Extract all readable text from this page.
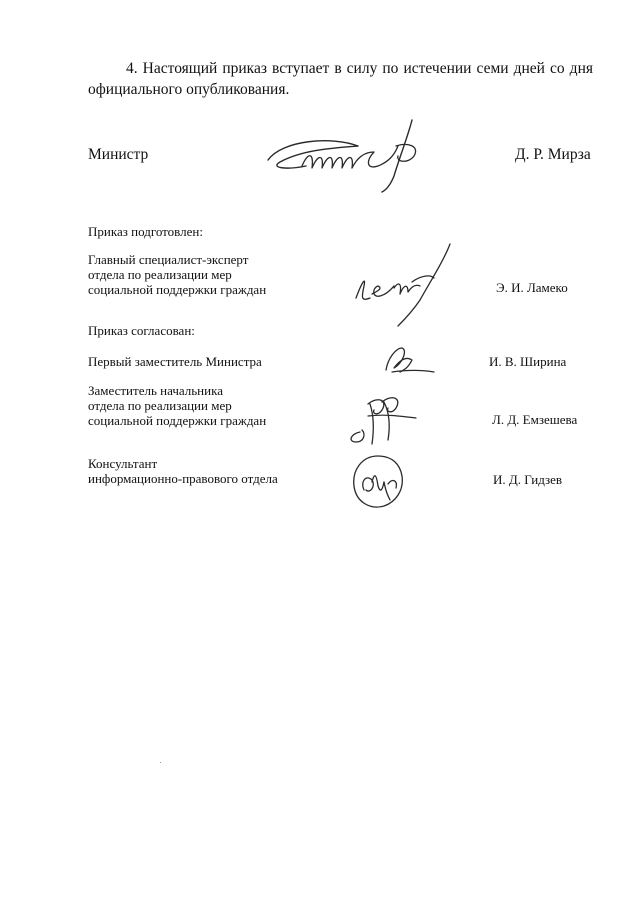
4. Настоящий приказ вступает в силу по истечении семи дней со дня официального опубликования.

Министр	Д. Р. Мирза
Приказ подготовлен:
Главный специалист-эксперт
отдела по реализации мер
социальной поддержки граждан	Э. И. Ламеко
Приказ согласован:
Первый заместитель Министра	И. В. Ширина
Заместитель начальника
отдела по реализации мер
социальной поддержки граждан	Л. Д. Емзешева
Консультант
информационно-правового отдела	И. Д. Гидзев
